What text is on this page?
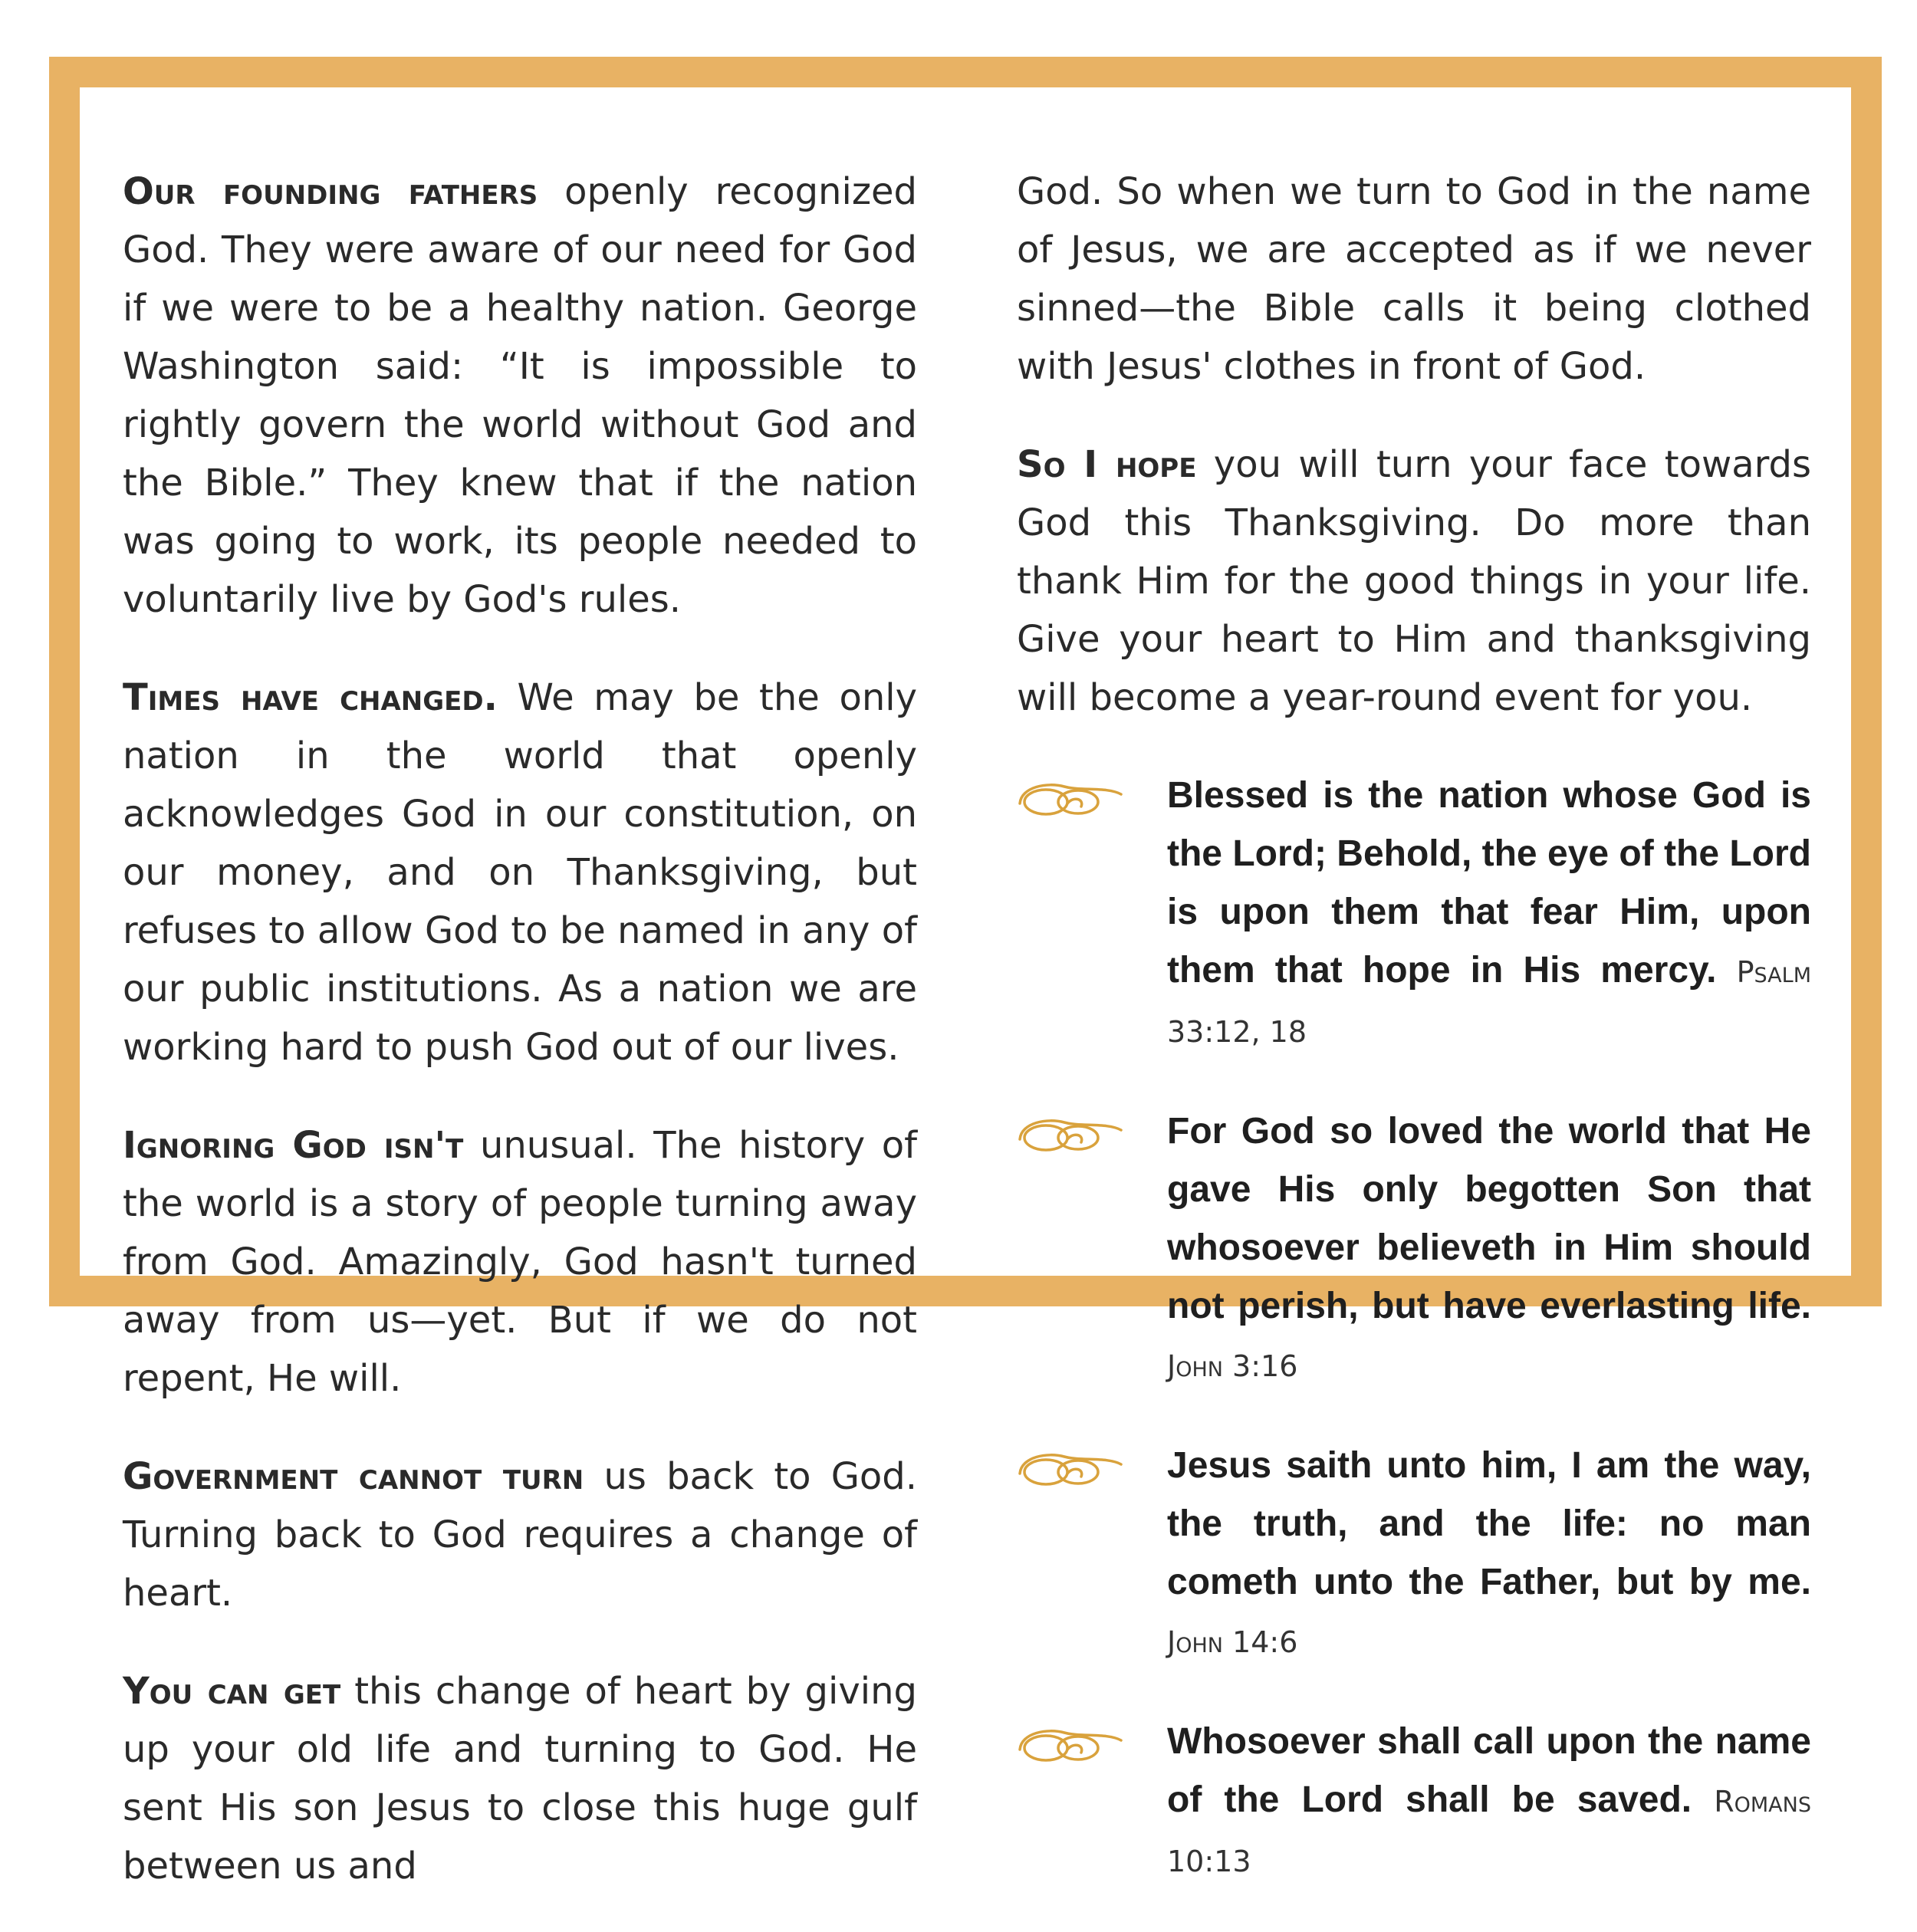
Our founding fathers openly recognized God. They were aware of our need for God if we were to be a healthy nation. George Washington said: “It is impossible to rightly govern the world without God and the Bible.” They knew that if the nation was going to work, its people needed to voluntarily live by God's rules.

Times have changed. We may be the only nation in the world that openly acknowledges God in our constitution, on our money, and on Thanksgiving, but refuses to allow God to be named in any of our public institutions. As a nation we are working hard to push God out of our lives.

Ignoring God isn't unusual. The history of the world is a story of people turning away from God. Amazingly, God hasn't turned away from us—yet. But if we do not repent, He will.

Government cannot turn us back to God. Turning back to God requires a change of heart.

You can get this change of heart by giving up your old life and turning to God. He sent His son Jesus to close this huge gulf between us and

God. So when we turn to God in the name of Jesus, we are accepted as if we never sinned—the Bible calls it being clothed with Jesus' clothes in front of God.

So I hope you will turn your face towards God this Thanksgiving. Do more than thank Him for the good things in your life. Give your heart to Him and thanksgiving will become a year-round event for you.

Blessed is the nation whose God is the Lord; Behold, the eye of the Lord is upon them that fear Him, upon them that hope in His mercy. Psalm 33:12, 18
For God so loved the world that He gave His only begotten Son that whosoever believeth in Him should not perish, but have everlasting life. John 3:16
Jesus saith unto him, I am the way, the truth, and the life: no man cometh unto the Father, but by me. John 14:6
Whosoever shall call upon the name of the Lord shall be saved. Romans 10:13
